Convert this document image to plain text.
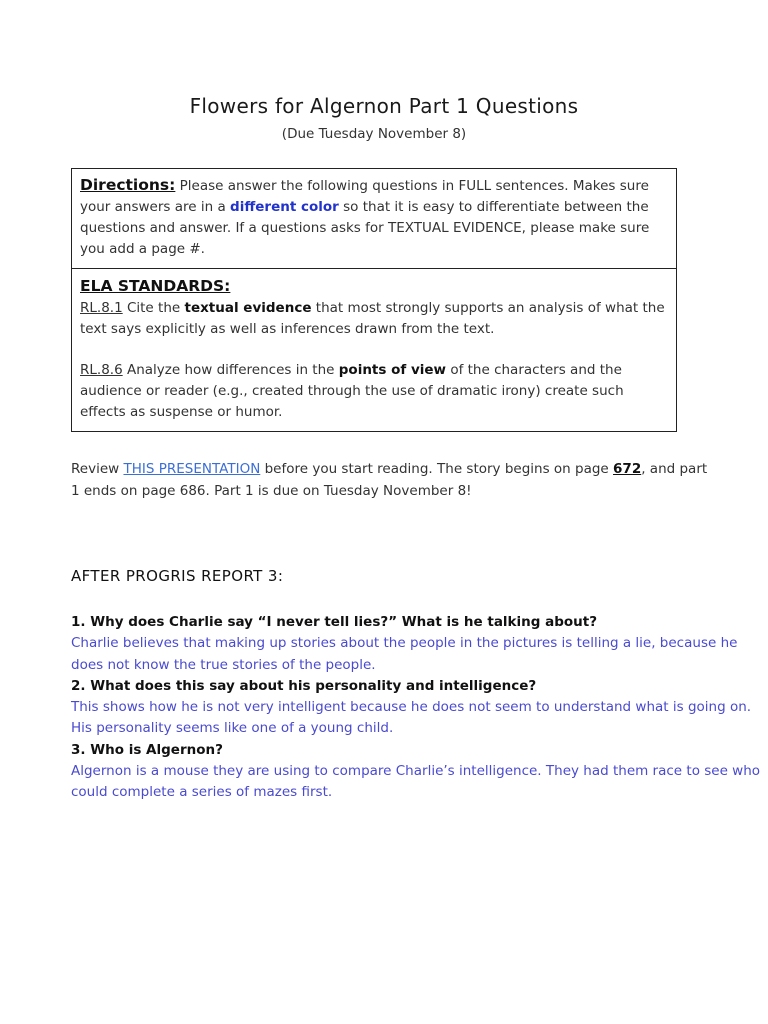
Flowers for Algernon Part 1 Questions

(Due Tuesday November 8)

Directions: Please answer the following questions in FULL sentences. Makes sure your answers are in a different color so that it is easy to differentiate between the questions and answer. If a questions asks for TEXTUAL EVIDENCE, please make sure you add a page #.
ELA STANDARDS:

RL.8.1 Cite the textual evidence that most strongly supports an analysis of what the text says explicitly as well as inferences drawn from the text.

RL.8.6 Analyze how differences in the points of view of the characters and the audience or reader (e.g., created through the use of dramatic irony) create such effects as suspense or humor.

Review THIS PRESENTATION before you start reading. The story begins on page 672, and part 1 ends on page 686. Part 1 is due on Tuesday November 8!

AFTER PROGRIS REPORT 3:
1. Why does Charlie say “I never tell lies?” What is he talking about?
Charlie believes that making up stories about the people in the pictures is telling a lie, because he does not know the true stories of the people.
2. What does this say about his personality and intelligence?
This shows how he is not very intelligent because he does not seem to understand what is going on. His personality seems like one of a young child.
3. Who is Algernon?
Algernon is a mouse they are using to compare Charlie’s intelligence. They had them race to see who could complete a series of mazes first.
